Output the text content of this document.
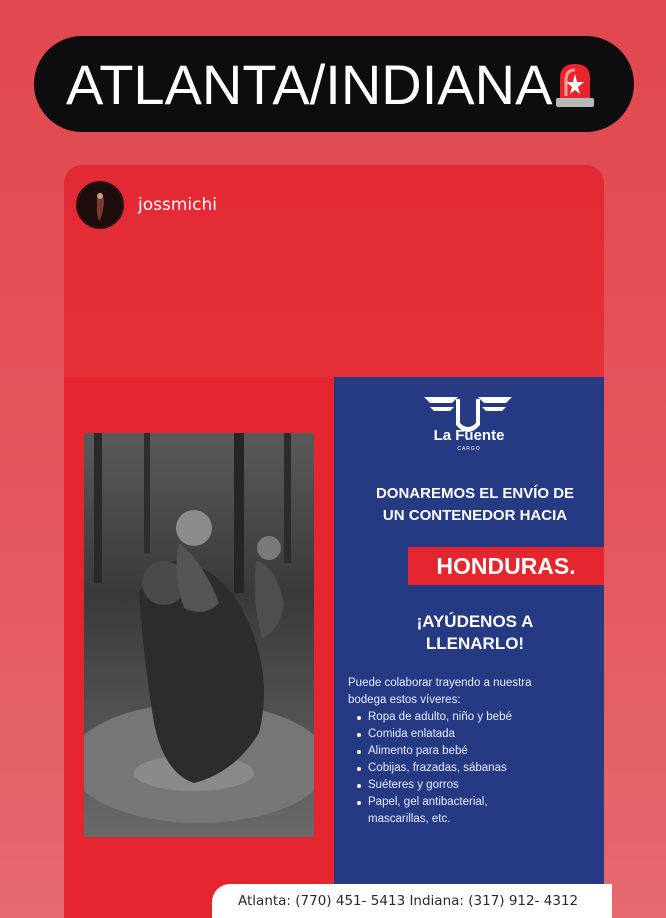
ATLANTA/INDIANA
jossmichi
La Fuente
CARGO
DONAREMOS EL ENVÍO DE
UN CONTENEDOR HACIA
HONDURAS.
¡AYÚDENOS A
LLENARLO!
Puede colaborar trayendo a nuestra
bodega estos víveres:
Ropa de adulto, niño y bebé
Comida enlatada
Alimento para bebé
Cobijas, frazadas, sábanas
Suéteres y gorros
Papel, gel antibacterial,
mascarillas, etc.
Atlanta: (770) 451- 5413 Indiana: (317) 912- 4312
